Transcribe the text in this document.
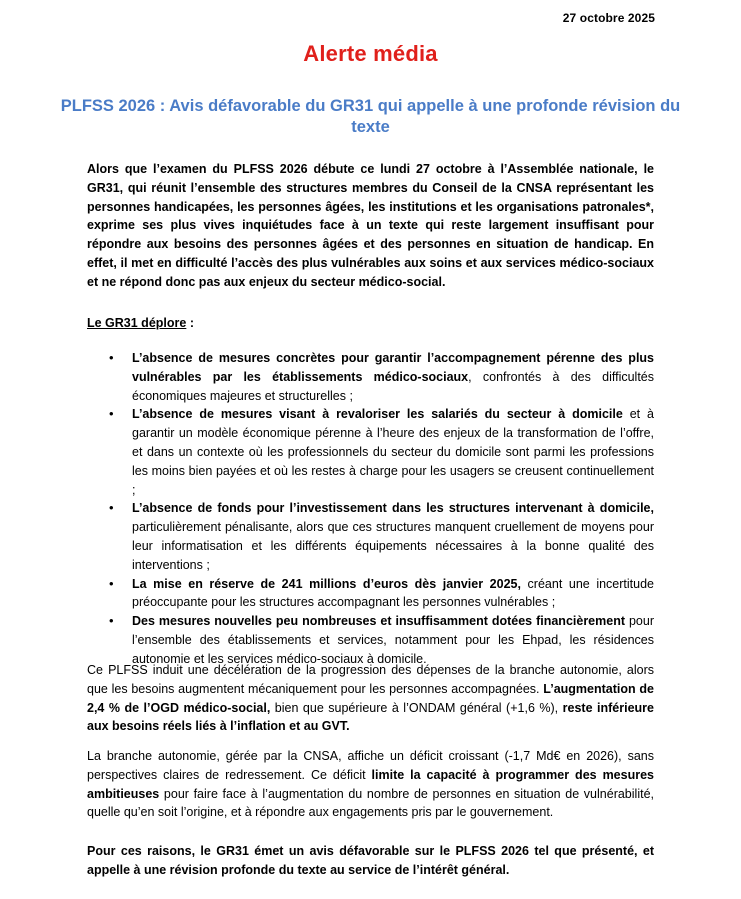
27 octobre 2025
Alerte média
PLFSS 2026 : Avis défavorable du GR31 qui appelle à une profonde révision du texte
Alors que l’examen du PLFSS 2026 débute ce lundi 27 octobre à l’Assemblée nationale, le GR31, qui réunit l’ensemble des structures membres du Conseil de la CNSA représentant les personnes handicapées, les personnes âgées, les institutions et les organisations patronales*, exprime ses plus vives inquiétudes face à un texte qui reste largement insuffisant pour répondre aux besoins des personnes âgées et des personnes en situation de handicap. En effet, il met en difficulté l’accès des plus vulnérables aux soins et aux services médico-sociaux et ne répond donc pas aux enjeux du secteur médico-social.
Le GR31 déplore :
• L’absence de mesures concrètes pour garantir l’accompagnement pérenne des plus vulnérables par les établissements médico-sociaux, confrontés à des difficultés économiques majeures et structurelles ;
• L’absence de mesures visant à revaloriser les salariés du secteur à domicile et à garantir un modèle économique pérenne à l’heure des enjeux de la transformation de l’offre, et dans un contexte où les professionnels du secteur du domicile sont parmi les professions les moins bien payées et où les restes à charge pour les usagers se creusent continuellement ;
• L’absence de fonds pour l’investissement dans les structures intervenant à domicile, particulièrement pénalisante, alors que ces structures manquent cruellement de moyens pour leur informatisation et les différents équipements nécessaires à la bonne qualité des interventions ;
• La mise en réserve de 241 millions d’euros dès janvier 2025, créant une incertitude préoccupante pour les structures accompagnant les personnes vulnérables ;
• Des mesures nouvelles peu nombreuses et insuffisamment dotées financièrement pour l’ensemble des établissements et services, notamment pour les Ehpad, les résidences autonomie et les services médico-sociaux à domicile.
Ce PLFSS induit une décélération de la progression des dépenses de la branche autonomie, alors que les besoins augmentent mécaniquement pour les personnes accompagnées. L’augmentation de 2,4 % de l’OGD médico-social, bien que supérieure à l’ONDAM général (+1,6 %), reste inférieure aux besoins réels liés à l’inflation et au GVT.
La branche autonomie, gérée par la CNSA, affiche un déficit croissant (-1,7 Md€ en 2026), sans perspectives claires de redressement. Ce déficit limite la capacité à programmer des mesures ambitieuses pour faire face à l’augmentation du nombre de personnes en situation de vulnérabilité, quelle qu’en soit l’origine, et à répondre aux engagements pris par le gouvernement.
Pour ces raisons, le GR31 émet un avis défavorable sur le PLFSS 2026 tel que présenté, et appelle à une révision profonde du texte au service de l’intérêt général.
